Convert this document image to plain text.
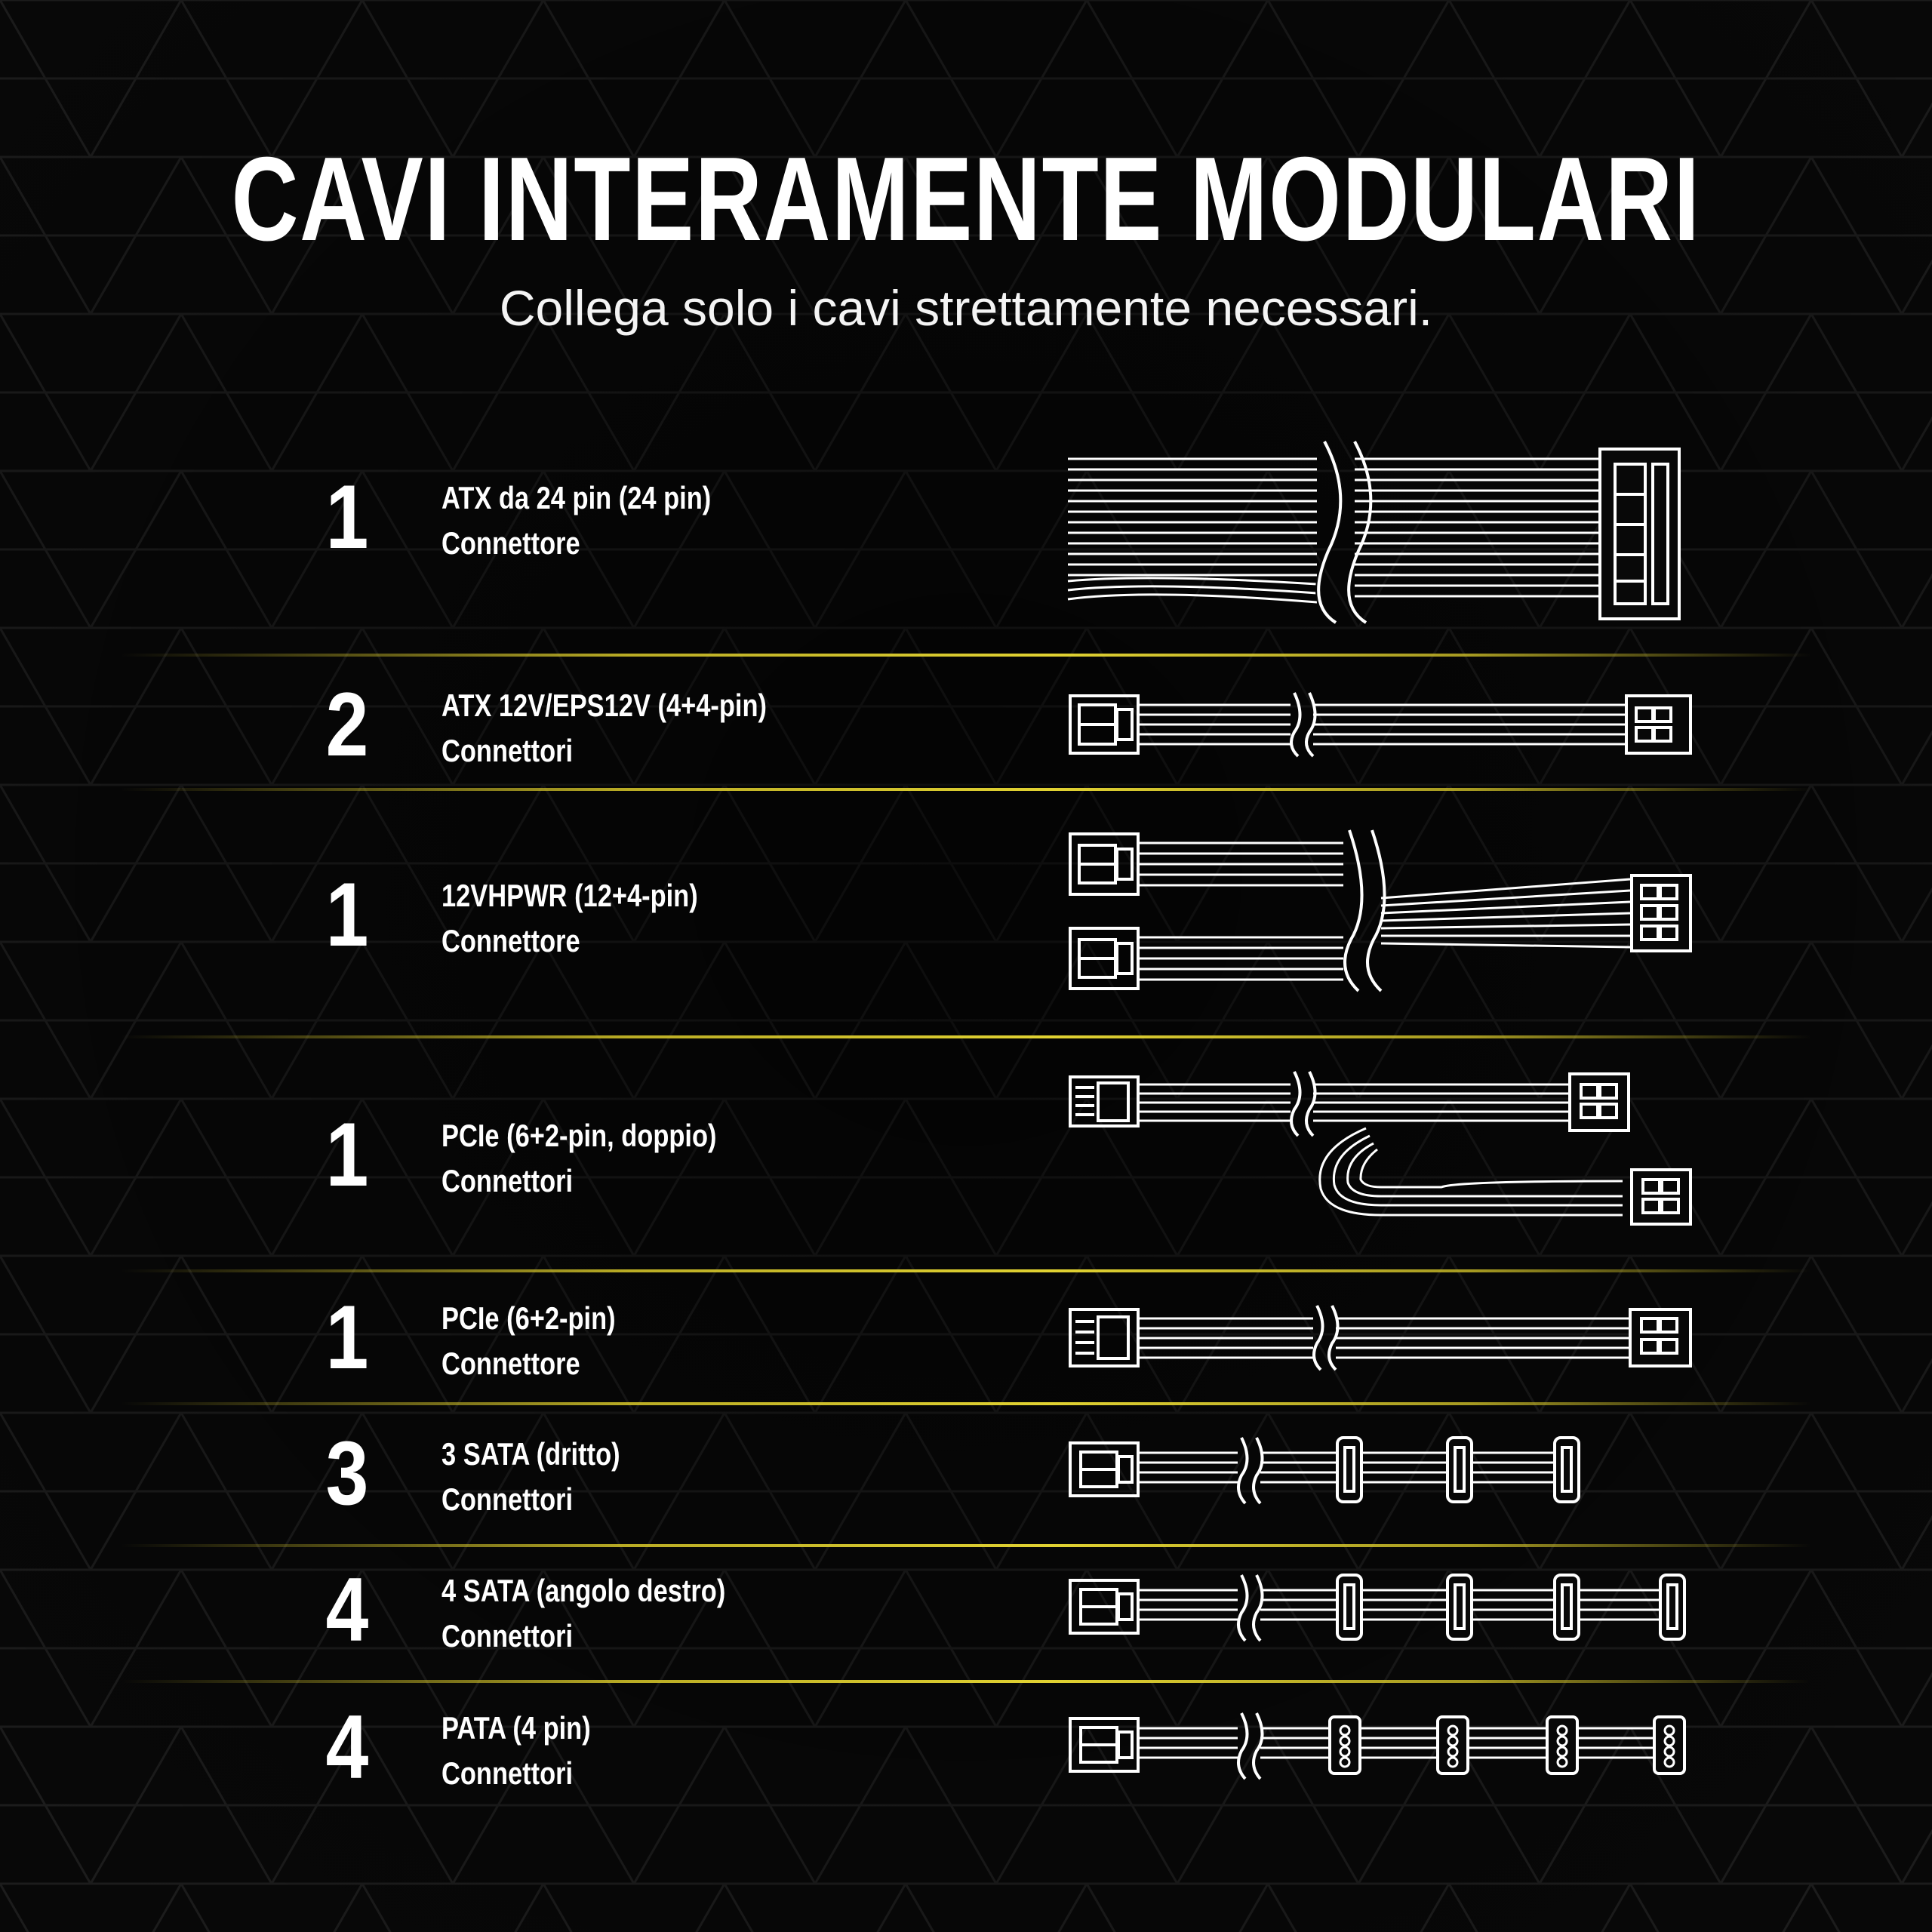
CAVI INTERAMENTE MODULARI

Collega solo i cavi strettamente necessari.

1	ATX da 24 pin (24 pin)
Connettore
2	ATX 12V/EPS12V (4+4-pin)
Connettori
1	12VHPWR (12+4-pin)
Connettore
1	PCIe (6+2-pin, doppio)
Connettori
1	PCIe (6+2-pin)
Connettore
3	3 SATA (dritto)
Connettori
4	4 SATA (angolo destro)
Connettori
4	PATA (4 pin)
Connettori
